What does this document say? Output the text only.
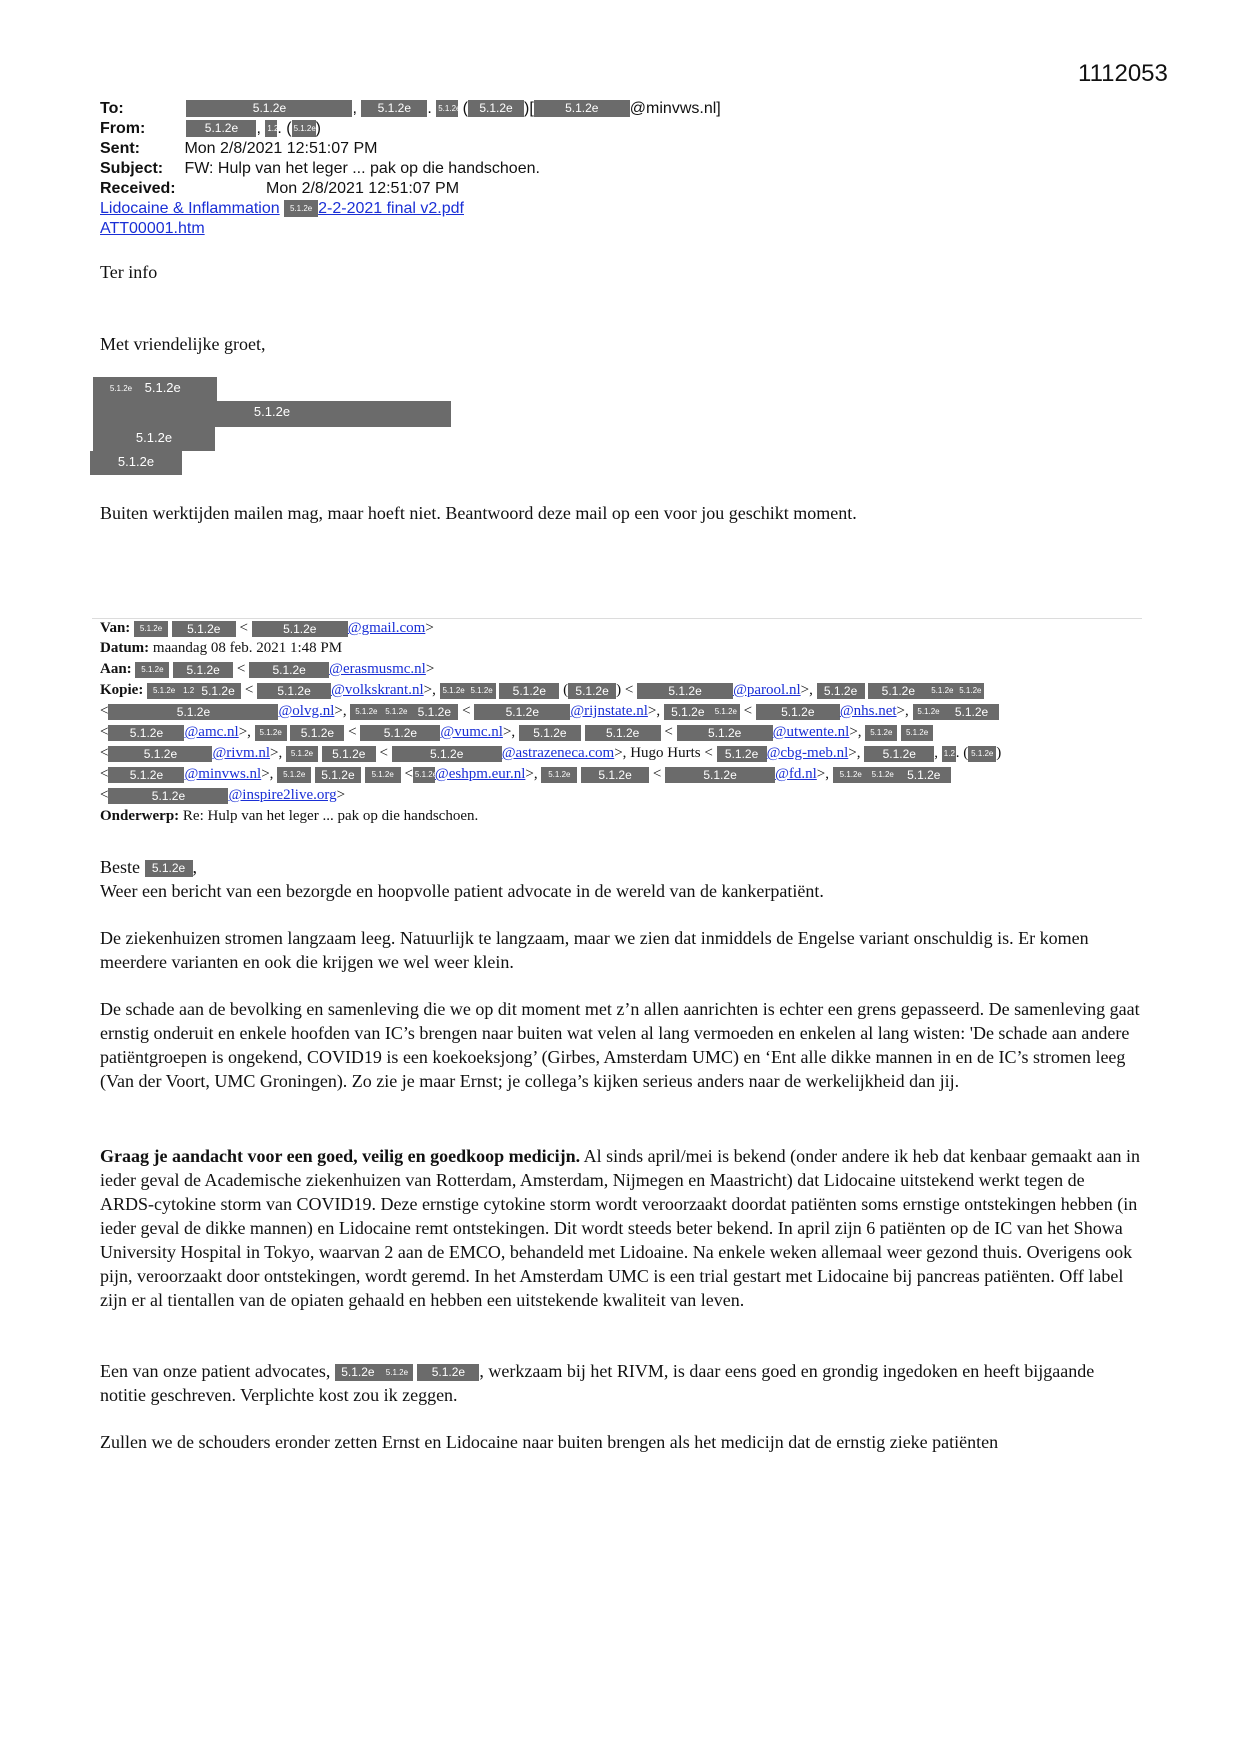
1112053
To:	5.1.2e	, 5.1.2e . 5.1.2e ( 5.1.2e )[	5.1.2e @minvws.nl]
From:	5.1.2e , 1.2. ( 5.1.2e)
Sent:	Mon 2/8/2021 12:51:07 PM
Subject: FW: Hulp van het leger ... pak op die handschoen.
Received:	Mon 2/8/2021 12:51:07 PM
Lidocaine & Inflammation 5.1.2e 2-2-2021 final v2.pdf
ATT00001.htm
Ter info
Met vriendelijke groet,
5.1.2e 5.1.2e
5.1.2e
5.1.2e
5.1.2e
Buiten werktijden mailen mag, maar hoeft niet. Beantwoord deze mail op een voor jou geschikt moment.
Van: 5.1.2e 5.1.2e <	5.1.2e @gmail.com>
Datum: maandag 08 feb. 2021 1:48 PM
Aan: 5.1.2e 5.1.2e < 5.1.2e @erasmusmc.nl>
Kopie: 5.1.2e 1.2 5.1.2e < 5.1.2e @volkskrant.nl>, 5.1.2e 5.1.2e 5.1.2e ( 5.1.2e ) <	5.1.2e @parool.nl>, 5.1.2e 5.1.2e 5.1.2e 5.1.2e
<	5.1.2e	@olvg.nl>, 5.1.2e 5.1.2e 5.1.2e <	5.1.2e @rijnstate.nl>, 5.1.2e 5.1.2e < 5.1.2e @nhs.net>, 5.1.2e 5.1.2e
< 5.1.2e @amc.nl>, 5.1.2e 5.1.2e < 5.1.2e @vumc.nl>, 5.1.2e	5.1.2e <	5.1.2e @utwente.nl>, 5.1.2e 5.1.2e
<	5.1.2e @rivm.nl>, 5.1.2e 5.1.2e <	5.1.2e	@astrazeneca.com>, Hugo Hurts < 5.1.2e @cbg-meb.nl>, 5.1.2e , 1.2. ( 5.1.2e )
< 5.1.2e @minvws.nl>, 5.1.2e 5.1.2e 5.1.2e < 5.1.2e@eshpm.eur.nl>, 5.1.2e 5.1.2e <	5.1.2e	@fd.nl>, 5.1.2e 5.1.2e 5.1.2e
<	5.1.2e	@inspire2live.org>
Onderwerp: Re: Hulp van het leger ... pak op die handschoen.
Beste 5.1.2e ,
Weer een bericht van een bezorgde en hoopvolle patient advocate in de wereld van de kankerpatiënt.
De ziekenhuizen stromen langzaam leeg. Natuurlijk te langzaam, maar we zien dat inmiddels de Engelse variant onschuldig is. Er komen meerdere varianten en ook die krijgen we wel weer klein.
De schade aan de bevolking en samenleving die we op dit moment met z’n allen aanrichten is echter een grens gepasseerd. De samenleving gaat ernstig onderuit en enkele hoofden van IC’s brengen naar buiten wat velen al lang vermoeden en enkelen al lang wisten: 'De schade aan andere patiëntgroepen is ongekend, COVID19 is een koekoeksjong’ (Girbes, Amsterdam UMC) en ‘Ent alle dikke mannen in en de IC’s stromen leeg (Van der Voort, UMC Groningen). Zo zie je maar Ernst; je collega’s kijken serieus anders naar de werkelijkheid dan jij.
Graag je aandacht voor een goed, veilig en goedkoop medicijn. Al sinds april/mei is bekend (onder andere ik heb dat kenbaar gemaakt aan in ieder geval de Academische ziekenhuizen van Rotterdam, Amsterdam, Nijmegen en Maastricht) dat Lidocaine uitstekend werkt tegen de ARDS-cytokine storm van COVID19. Deze ernstige cytokine storm wordt veroorzaakt doordat patiënten soms ernstige ontstekingen hebben (in ieder geval de dikke mannen) en Lidocaine remt ontstekingen. Dit wordt steeds beter bekend. In april zijn 6 patiënten op de IC van het Showa University Hospital in Tokyo, waarvan 2 aan de EMCO, behandeld met Lidoaine. Na enkele weken allemaal weer gezond thuis. Overigens ook pijn, veroorzaakt door ontstekingen, wordt geremd. In het Amsterdam UMC is een trial gestart met Lidocaine bij pancreas patiënten. Off label zijn er al tientallen van de opiaten gehaald en hebben een uitstekende kwaliteit van leven.
Een van onze patient advocates, 5.1.2e 5.1.2e 5.1.2e , werkzaam bij het RIVM, is daar eens goed en grondig ingedoken en heeft bijgaande notitie geschreven. Verplichte kost zou ik zeggen.
Zullen we de schouders eronder zetten Ernst en Lidocaine naar buiten brengen als het medicijn dat de ernstig zieke patiënten
